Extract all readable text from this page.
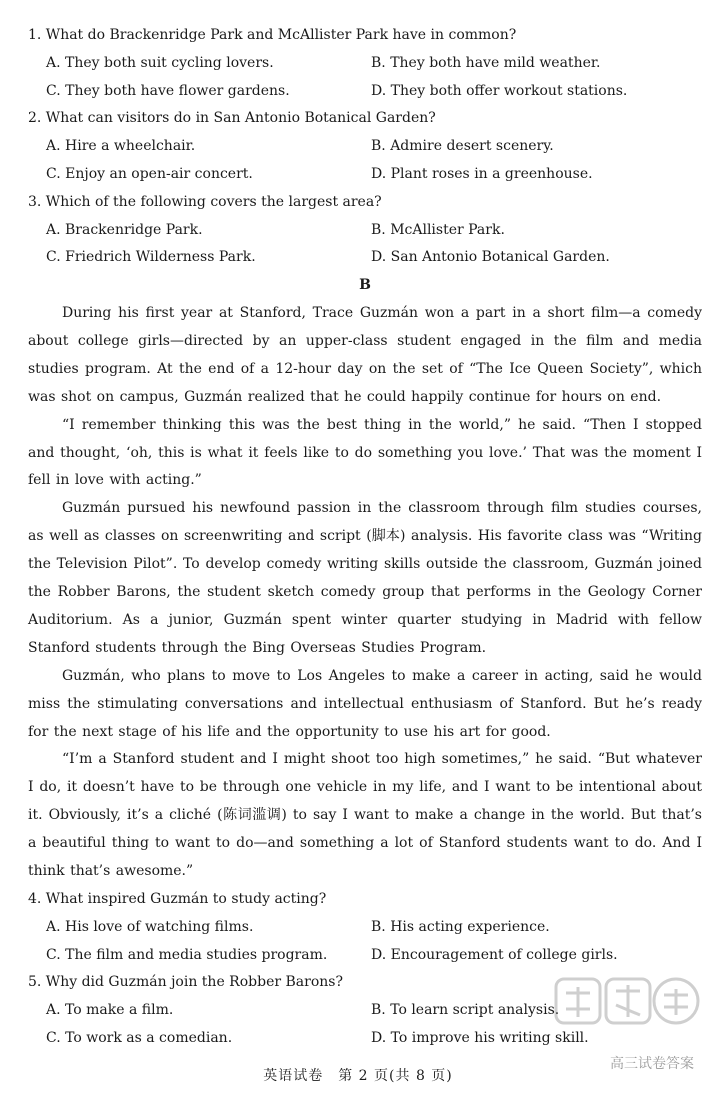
1. What do Brackenridge Park and McAllister Park have in common?

A. They both suit cycling lovers.	B. They both have mild weather.
C. They both have flower gardens.	D. They both offer workout stations.

2. What can visitors do in San Antonio Botanical Garden?

A. Hire a wheelchair.	B. Admire desert scenery.
C. Enjoy an open-air concert.	D. Plant roses in a greenhouse.

3. Which of the following covers the largest area?

A. Brackenridge Park.	B. McAllister Park.
C. Friedrich Wilderness Park.	D. San Antonio Botanical Garden.

B

During his first year at Stanford, Trace Guzmán won a part in a short film—a comedy about college girls—directed by an upper-class student engaged in the film and media studies program. At the end of a 12-hour day on the set of “The Ice Queen Society”, which was shot on campus, Guzmán realized that he could happily continue for hours on end.

“I remember thinking this was the best thing in the world,” he said. “Then I stopped and thought, ‘oh, this is what it feels like to do something you love.’ That was the moment I fell in love with acting.”

Guzmán pursued his newfound passion in the classroom through film studies courses, as well as classes on screenwriting and script (脚本) analysis. His favorite class was “Writing the Television Pilot”. To develop comedy writing skills outside the classroom, Guzmán joined the Robber Barons, the student sketch comedy group that performs in the Geology Corner Auditorium. As a junior, Guzmán spent winter quarter studying in Madrid with fellow Stanford students through the Bing Overseas Studies Program.

Guzmán, who plans to move to Los Angeles to make a career in acting, said he would miss the stimulating conversations and intellectual enthusiasm of Stanford. But he’s ready for the next stage of his life and the opportunity to use his art for good.

“I’m a Stanford student and I might shoot too high sometimes,” he said. “But whatever I do, it doesn’t have to be through one vehicle in my life, and I want to be intentional about it. Obviously, it’s a cliché (陈词滥调) to say I want to make a change in the world. But that’s a beautiful thing to want to do—and something a lot of Stanford students want to do. And I think that’s awesome.”

4. What inspired Guzmán to study acting?

A. His love of watching films.	B. His acting experience.
C. The film and media studies program.	D. Encouragement of college girls.

5. Why did Guzmán join the Robber Barons?

A. To make a film.	B. To learn script analysis.
C. To work as a comedian.	D. To improve his writing skill.
高三试卷答案
英语试卷　第 2 页(共 8 页)
